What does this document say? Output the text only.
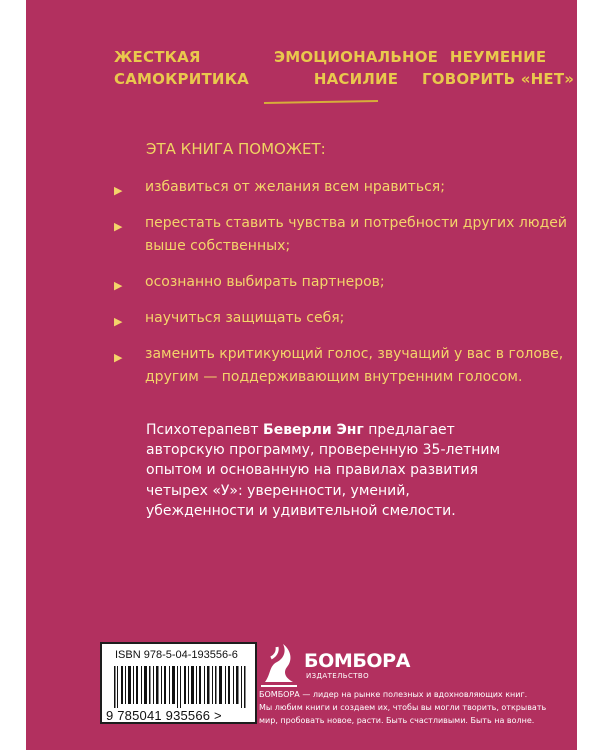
ЖЕСТКАЯ
САМОКРИТИКА
ЭМОЦИОНАЛЬНОЕ
НАСИЛИЕ
НЕУМЕНИЕ
ГОВОРИТЬ «НЕТ»
ЭТА КНИГА ПОМОЖЕТ:
▶ избавиться от желания всем нравиться;
▶ перестать ставить чувства и потребности других людей выше собственных;
▶ осознанно выбирать партнеров;
▶ научиться защищать себя;
▶ заменить критикующий голос, звучащий у вас в голове, другим — поддерживающим внутренним голосом.
Психотерапевт Беверли Энг предлагает авторскую программу, проверенную 35-летним опытом и основанную на правилах развития четырех «У»: уверенности, умений, убежденности и удивительной смелости.
ISBN 978-5-04-193556-6
9 785041 935566 >
БОМБОРА
ИЗДАТЕЛЬСТВО
БОМБОРА — лидер на рынке полезных и вдохновляющих книг.
Мы любим книги и создаем их, чтобы вы могли творить, открывать
мир, пробовать новое, расти. Быть счастливыми. Быть на волне.
